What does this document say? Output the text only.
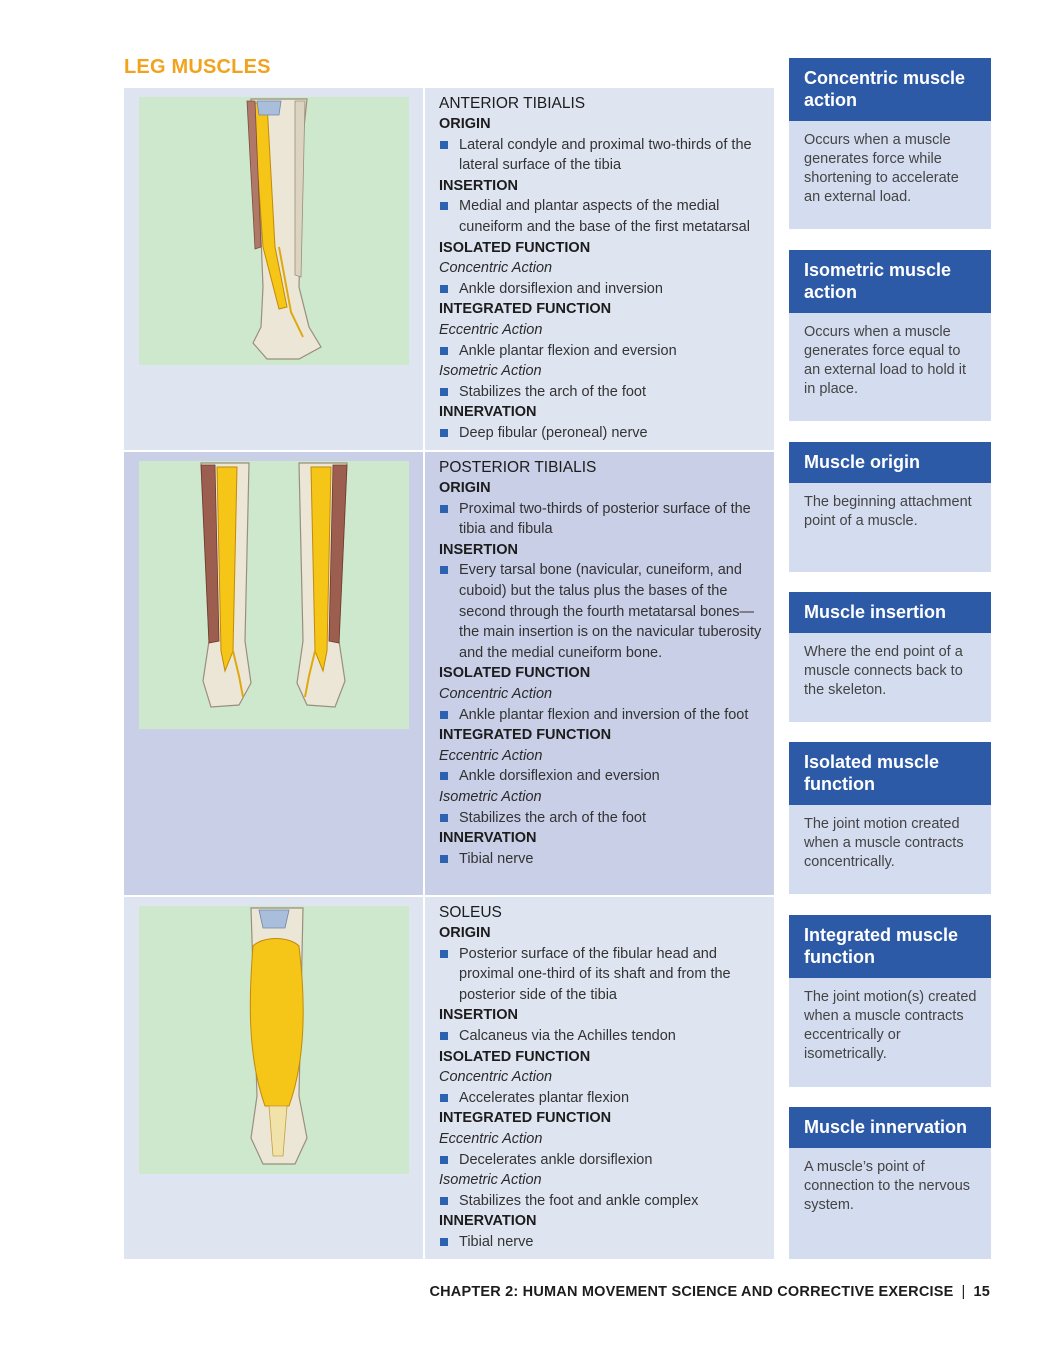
LEG MUSCLES

ANTERIOR TIBIALIS

ORIGIN

Lateral condyle and proximal two-thirds of the lateral surface of the tibia

INSERTION

Medial and plantar aspects of the medial cuneiform and the base of the first metatarsal

ISOLATED FUNCTION

Concentric Action

Ankle dorsiflexion and inversion

INTEGRATED FUNCTION

Eccentric Action

Ankle plantar flexion and eversion

Isometric Action

Stabilizes the arch of the foot

INNERVATION

Deep fibular (peroneal) nerve

POSTERIOR TIBIALIS

ORIGIN

Proximal two-thirds of posterior surface of the tibia and fibula

INSERTION

Every tarsal bone (navicular, cuneiform, and cuboid) but the talus plus the bases of the second through the fourth metatarsal bones—the main insertion is on the navicular tuberosity and the medial cuneiform bone.

ISOLATED FUNCTION

Concentric Action

Ankle plantar flexion and inversion of the foot

INTEGRATED FUNCTION

Eccentric Action

Ankle dorsiflexion and eversion

Isometric Action

Stabilizes the arch of the foot

INNERVATION

Tibial nerve

SOLEUS

ORIGIN

Posterior surface of the fibular head and proximal one-third of its shaft and from the posterior side of the tibia

INSERTION

Calcaneus via the Achilles tendon

ISOLATED FUNCTION

Concentric Action

Accelerates plantar flexion

INTEGRATED FUNCTION

Eccentric Action

Decelerates ankle dorsiflexion

Isometric Action

Stabilizes the foot and ankle complex

INNERVATION

Tibial nerve

Concentric muscle action
Occurs when a muscle generates force while shortening to accelerate an external load.
Isometric muscle action
Occurs when a muscle generates force equal to an external load to hold it in place.
Muscle origin
The beginning attachment point of a muscle.
Muscle insertion
Where the end point of a muscle connects back to the skeleton.
Isolated muscle function
The joint motion created when a muscle contracts concentrically.
Integrated muscle function
The joint motion(s) created when a muscle contracts eccentrically or isometrically.
Muscle innervation
A muscle’s point of connection to the nervous system.
CHAPTER 2: HUMAN MOVEMENT SCIENCE AND CORRECTIVE EXERCISE | 15
